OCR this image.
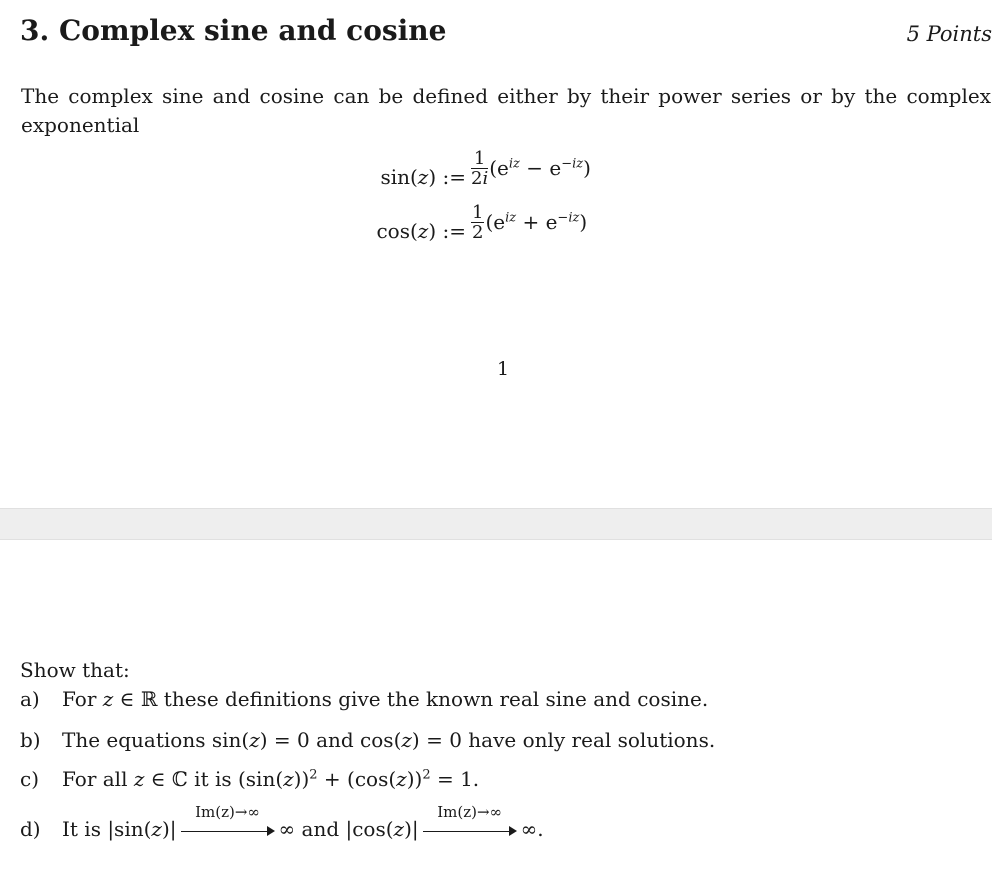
3. Complex sine and cosine	5 Points
The complex sine and cosine can be defined either by their power series or by the complex exponential
sin(z) := $\frac{1}{2i} (e^{iz} - e^{-iz})$
cos(z) := $\frac{1}{2} (e^{iz} + e^{-iz})$
1
Show that:
a) For z ∈ ℝ these definitions give the known real sine and cosine.
b) The equations sin(z) = 0 and cos(z) = 0 have only real solutions.
c) For all z ∈ ℂ it is $(\sin(z))^2 + (\cos(z))^2 = 1$.
d) It is |sin(z)|
Im(z)→∞
∞ and |cos(z)|
Im(z)→∞
∞.
